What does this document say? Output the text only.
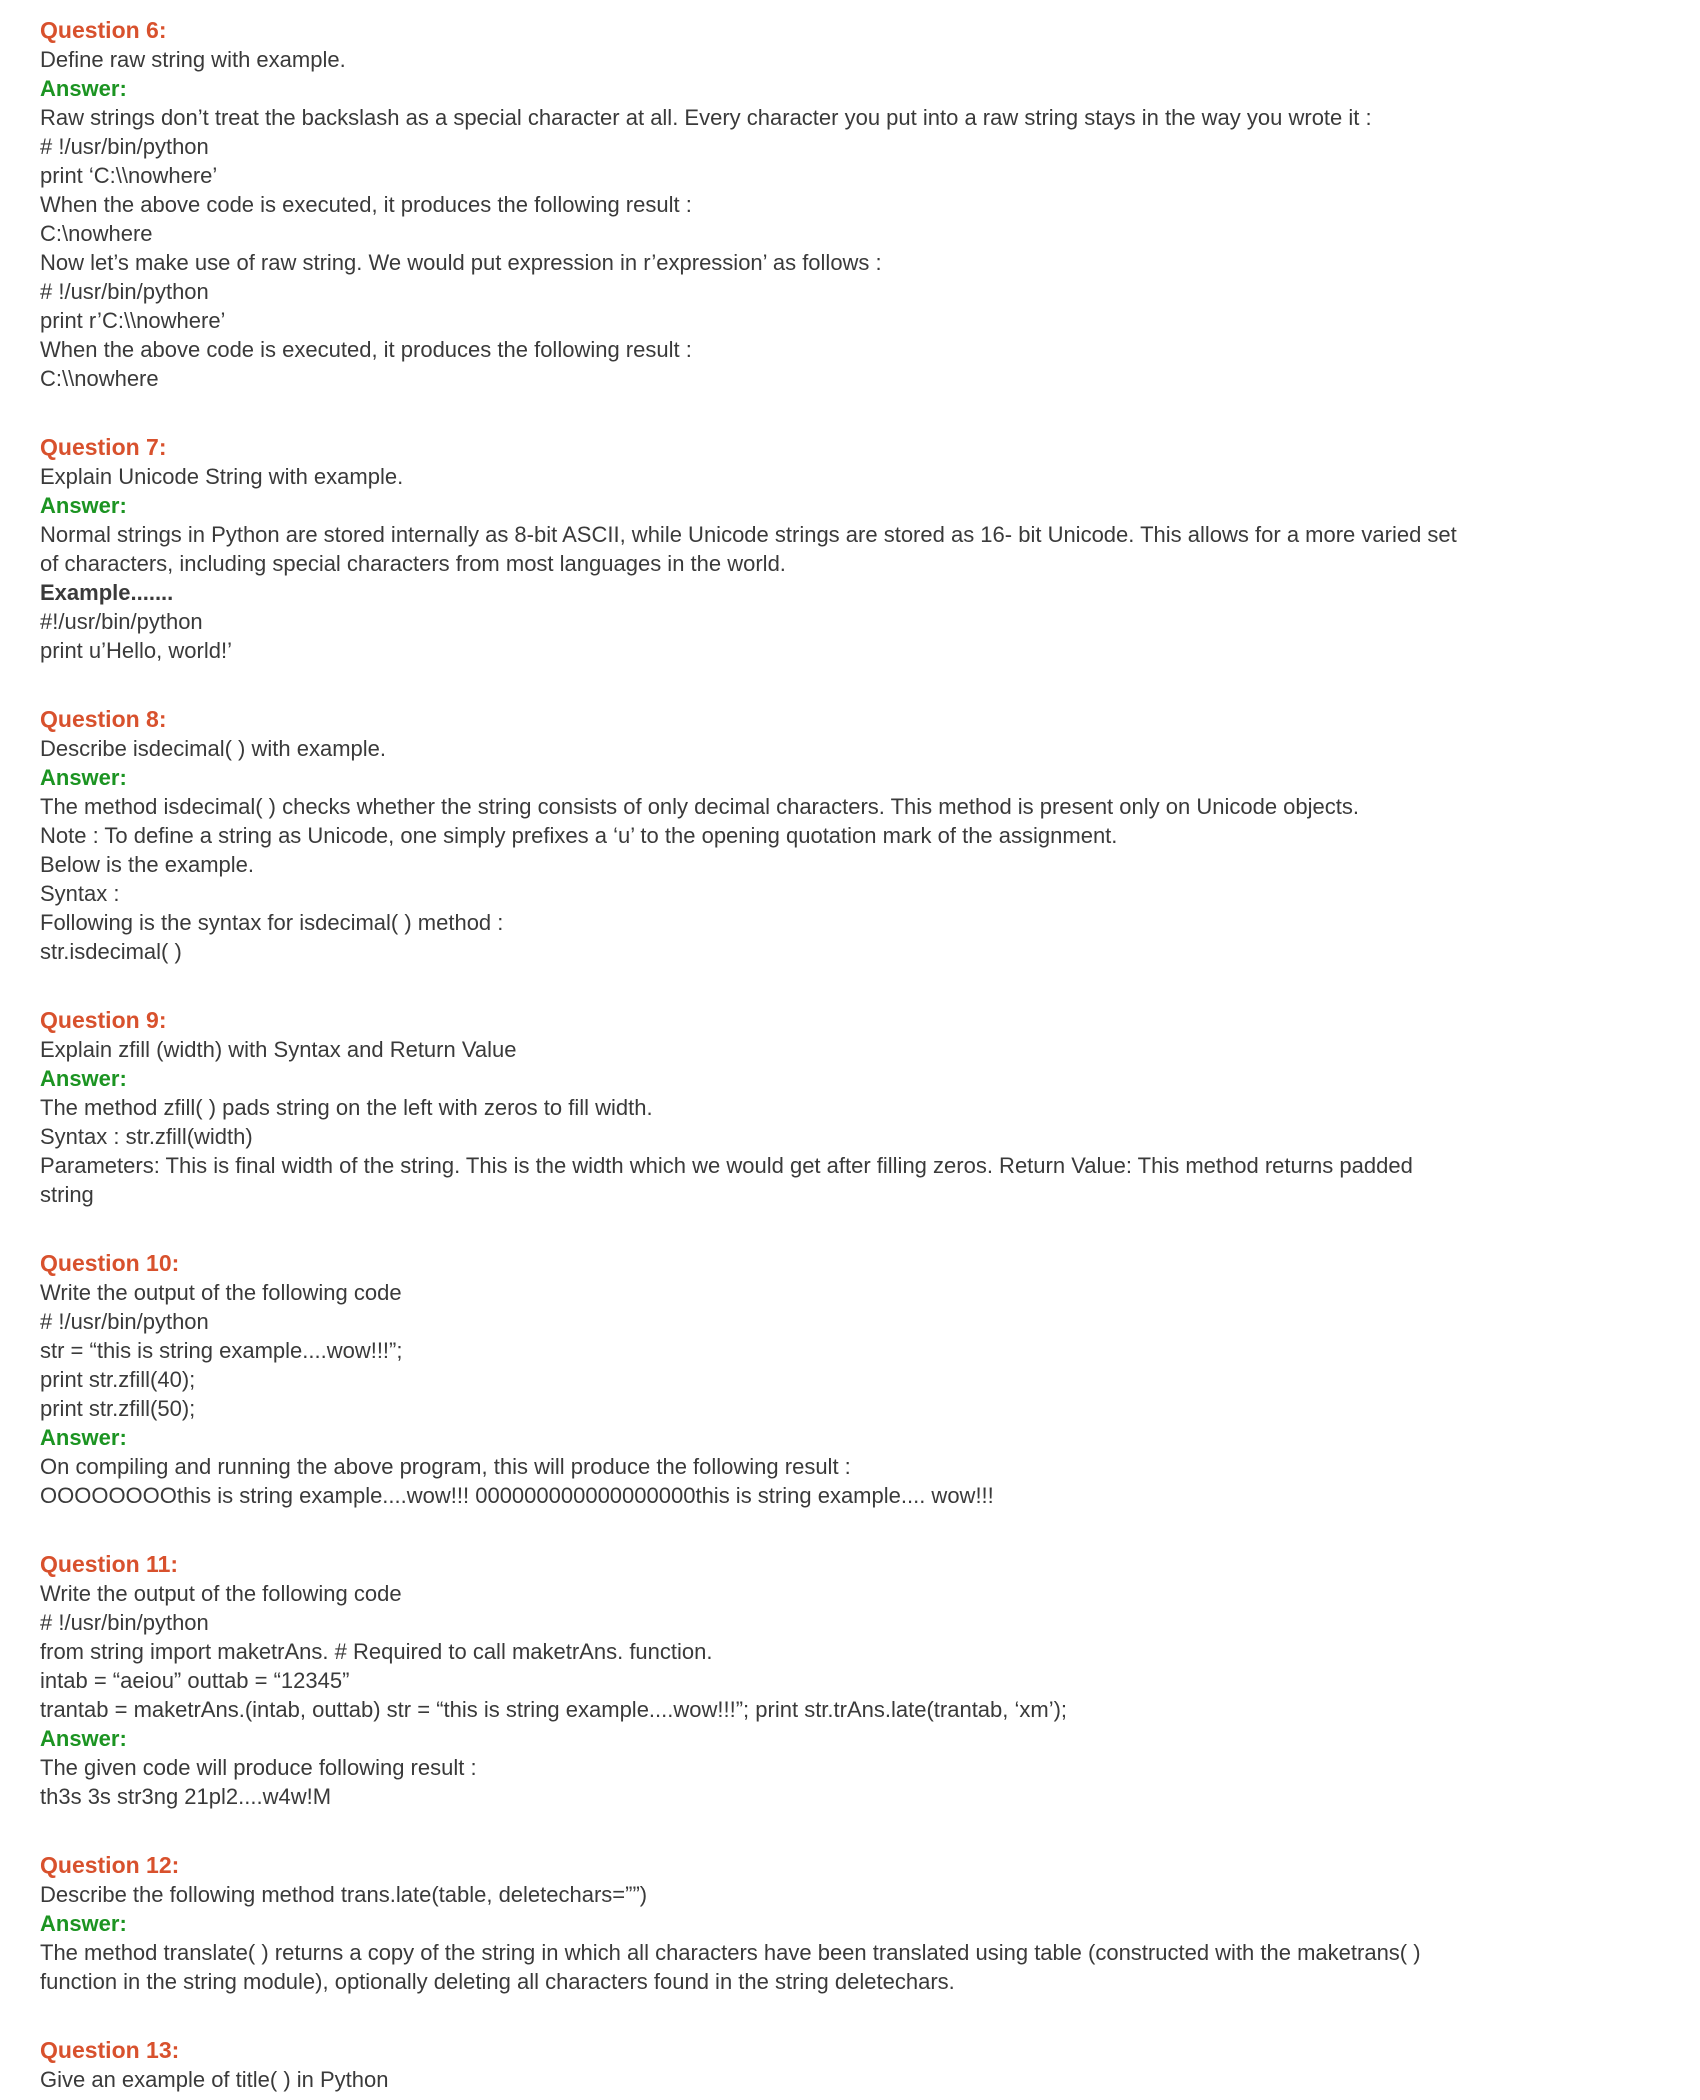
Question 6:
Define raw string with example.
Answer:
Raw strings don’t treat the backslash as a special character at all. Every character you put into a raw string stays in the way you wrote it :
# !/usr/bin/python
print ‘C:\\nowhere’
When the above code is executed, it produces the following result :
C:\nowhere
Now let’s make use of raw string. We would put expression in r’expression’ as follows :
# !/usr/bin/python
print r’C:\\nowhere’
When the above code is executed, it produces the following result :
C:\\nowhere
Question 7:
Explain Unicode String with example.
Answer:
Normal strings in Python are stored internally as 8-bit ASCII, while Unicode strings are stored as 16- bit Unicode. This allows for a more varied set
of characters, including special characters from most languages in the world.
Example.......
#!/usr/bin/python
print u’Hello, world!’
Question 8:
Describe isdecimal( ) with example.
Answer:
The method isdecimal( ) checks whether the string consists of only decimal characters. This method is present only on Unicode objects.
Note : To define a string as Unicode, one simply prefixes a ‘u’ to the opening quotation mark of the assignment.
Below is the example.
Syntax :
Following is the syntax for isdecimal( ) method :
str.isdecimal( )
Question 9:
Explain zfill (width) with Syntax and Return Value
Answer:
The method zfill( ) pads string on the left with zeros to fill width.
Syntax : str.zfill(width)
Parameters: This is final width of the string. This is the width which we would get after filling zeros. Return Value: This method returns padded
string
Question 10:
Write the output of the following code
# !/usr/bin/python
str = “this is string example....wow!!!”;
print str.zfill(40);
print str.zfill(50);
Answer:
On compiling and running the above program, this will produce the following result :
OOOOOOOOthis is string example....wow!!! 000000000000000000this is string example.... wow!!!
Question 11:
Write the output of the following code
# !/usr/bin/python
from string import maketrAns. # Required to call maketrAns. function.
intab = “aeiou” outtab = “12345”
trantab = maketrAns.(intab, outtab) str = “this is string example....wow!!!”; print str.trAns.late(trantab, ‘xm’);
Answer:
The given code will produce following result :
th3s 3s str3ng 21pl2....w4w!M
Question 12:
Describe the following method trans.late(table, deletechars=””)
Answer:
The method translate( ) returns a copy of the string in which all characters have been translated using table (constructed with the maketrans( )
function in the string module), optionally deleting all characters found in the string deletechars.
Question 13:
Give an example of title( ) in Python
